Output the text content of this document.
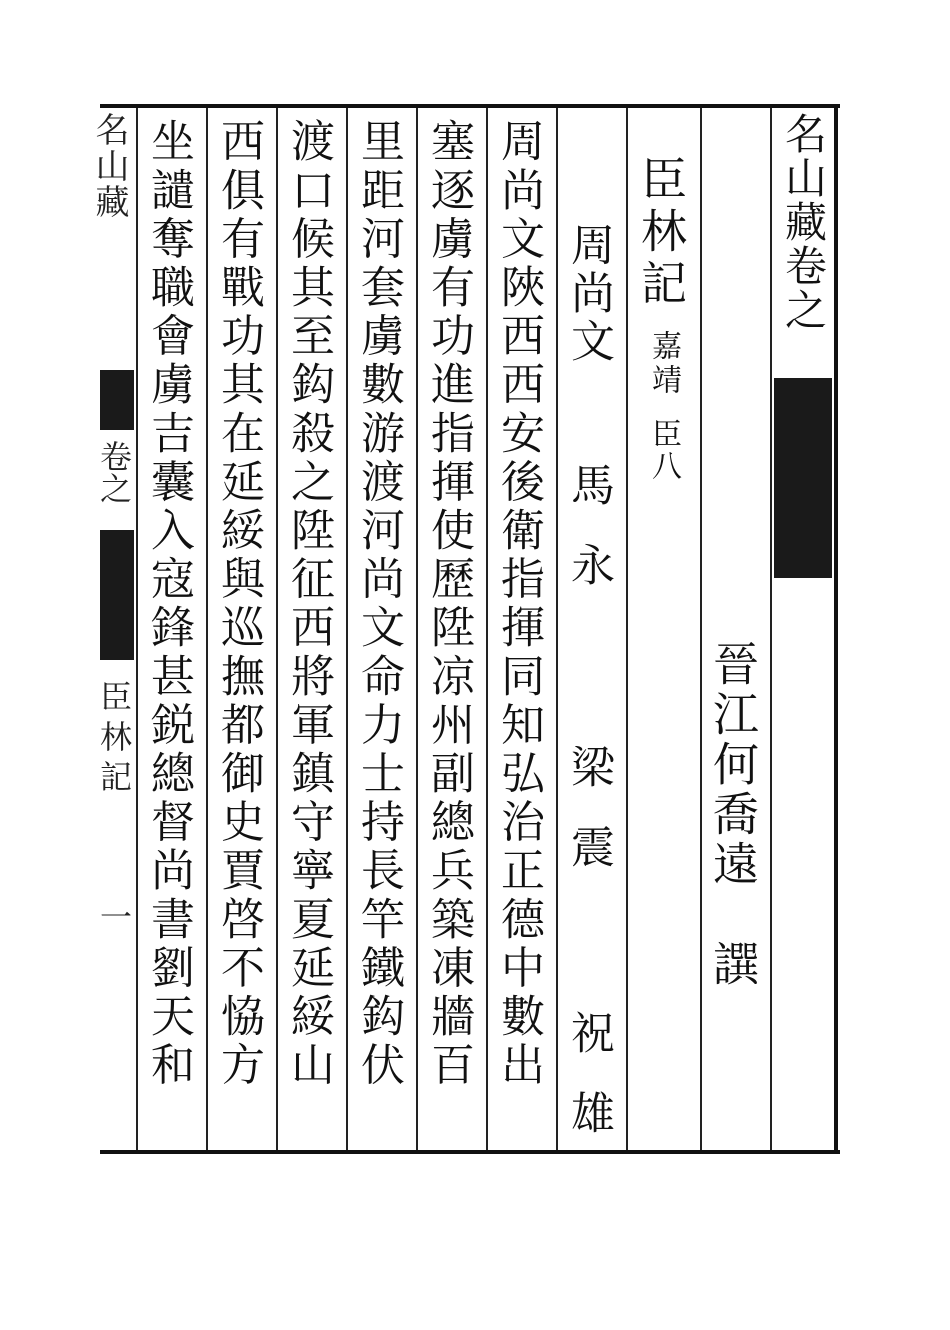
名山藏卷之
晉江何喬遠
譔
臣林記
嘉靖
臣八
周尚文
馬永
梁震
祝雄
周尚文陜西西安後衛指揮同知弘治正德中數出
塞逐虜有功進指揮使歷陞凉州副總兵築凍牆百
里距河套虜數游渡河尚文命力士持長竿鐵鈎伏
渡口候其至鈎殺之陞征西將軍鎮守寧夏延綏山
西俱有戰功其在延綏與巡撫都御史賈啓不恊方
坐譴奪職會虜吉囊入寇鋒甚鋭總督尚書劉天和
名山藏
卷之
臣林記
一
